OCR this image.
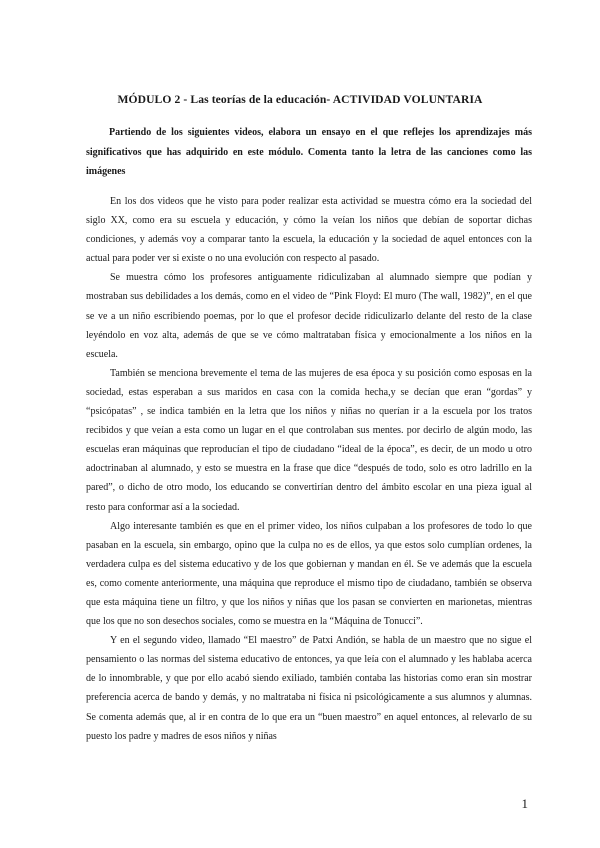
MÓDULO 2 - Las teorías de la educación- ACTIVIDAD VOLUNTARIA

Partiendo de los siguientes videos, elabora un ensayo en el que reflejes los aprendizajes más significativos que has adquirido en este módulo. Comenta tanto la letra de las canciones como las imágenes

En los dos videos que he visto para poder realizar esta actividad se muestra cómo era la sociedad del siglo XX, como era su escuela y educación, y cómo la veían los niños que debían de soportar dichas condiciones, y además voy a comparar tanto la escuela, la educación y la sociedad de aquel entonces con la actual para poder ver si existe o no una evolución con respecto al pasado.

Se muestra cómo los profesores antiguamente ridiculizaban al alumnado siempre que podían y mostraban sus debilidades a los demás, como en el video de “Pink Floyd: El muro (The wall, 1982)”, en el que se ve a un niño escribiendo poemas, por lo que el profesor decide ridiculizarlo delante del resto de la clase leyéndolo en voz alta, además de que se ve cómo maltrataban física y emocionalmente a los niños en la escuela.

También se menciona brevemente el tema de las mujeres de esa época y su posición como esposas en la sociedad, estas esperaban a sus maridos en casa con la comida hecha,y se decían que eran “gordas” y “psicópatas” , se indica también en la letra que los niños y niñas no querían ir a la escuela por los tratos recibidos y que veían a esta como un lugar en el que controlaban sus mentes. por decirlo de algún modo, las escuelas eran máquinas que reproducían el tipo de ciudadano “ideal de la época”, es decir, de un modo u otro adoctrinaban al alumnado, y esto se muestra en la frase que dice “después de todo, solo es otro ladrillo en la pared”, o dicho de otro modo, los educando se convertirían dentro del ámbito escolar en una pieza igual al resto para conformar así a la sociedad.

Algo interesante también es que en el primer video, los niños culpaban a los profesores de todo lo que pasaban en la escuela, sin embargo, opino que la culpa no es de ellos, ya que estos solo cumplían ordenes, la verdadera culpa es del sistema educativo y de los que gobiernan y mandan en él. Se ve además que la escuela es, como comente anteriormente, una máquina que reproduce el mismo tipo de ciudadano, también se observa que esta máquina tiene un filtro, y que los niños y niñas que los pasan se convierten en marionetas, mientras que los que no son desechos sociales, como se muestra en la “Máquina de Tonucci”.

Y en el segundo video, llamado “El maestro” de Patxi Andión, se habla de un maestro que no sigue el pensamiento o las normas del sistema educativo de entonces, ya que leía con el alumnado y les hablaba acerca de lo innombrable, y que por ello acabó siendo exiliado, también contaba las historias como eran sin mostrar preferencia acerca de bando y demás, y no maltrataba ni física ni psicológicamente a sus alumnos y alumnas. Se comenta además que, al ir en contra de lo que era un “buen maestro” en aquel entonces, al relevarlo de su puesto los padre y madres de esos niños y niñas

1
